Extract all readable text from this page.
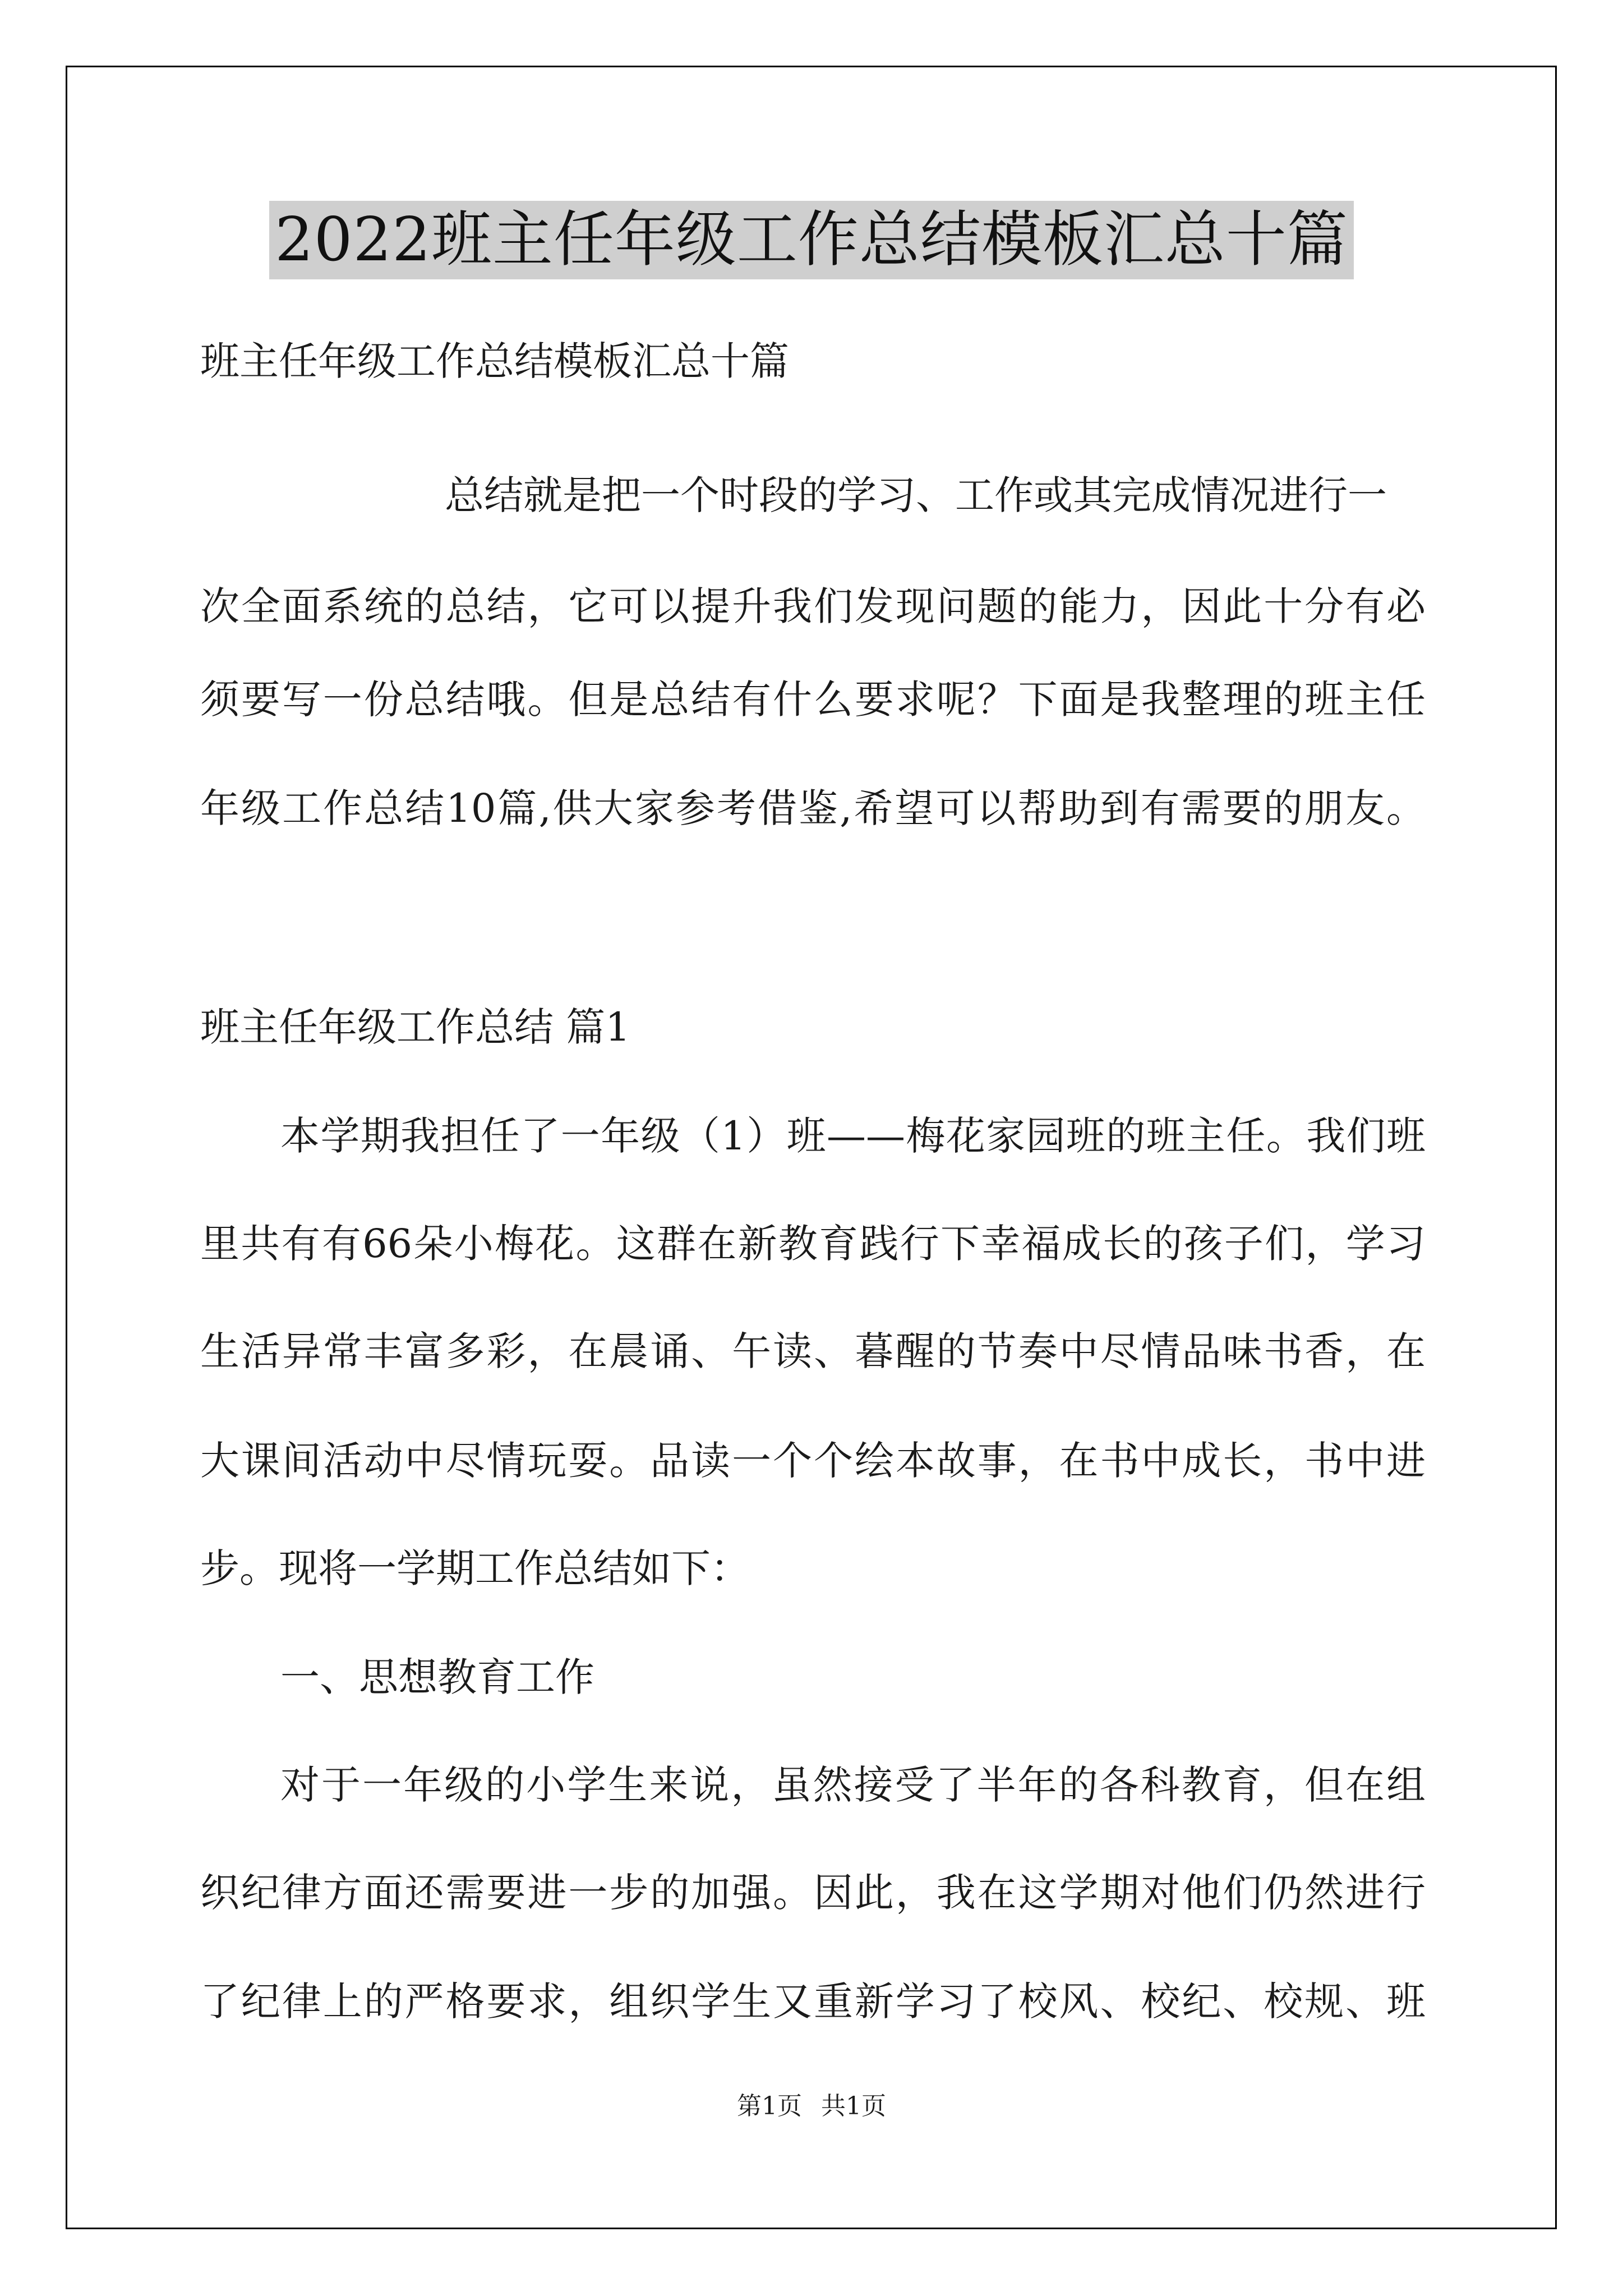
2022班主任年级工作总结模板汇总十篇
班主任年级工作总结模板汇总十篇
总结就是把一个时段的学习、工作或其完成情况进行一
次全面系统的总结，它可以提升我们发现问题的能力，因此十分有必
须要写一份总结哦。但是总结有什么要求呢？下面是我整理的班主任
年级工作总结10篇,供大家参考借鉴,希望可以帮助到有需要的朋友。
班主任年级工作总结 篇1
本学期我担任了一年级（1）班——梅花家园班的班主任。我们班
里共有有66朵小梅花。这群在新教育践行下幸福成长的孩子们，学习
生活异常丰富多彩，在晨诵、午读、暮醒的节奏中尽情品味书香，在
大课间活动中尽情玩耍。品读一个个绘本故事，在书中成长，书中进
步。现将一学期工作总结如下：
一、思想教育工作
对于一年级的小学生来说，虽然接受了半年的各科教育，但在组
织纪律方面还需要进一步的加强。因此，我在这学期对他们仍然进行
了纪律上的严格要求，组织学生又重新学习了校风、校纪、校规、班
第1页 共1页
